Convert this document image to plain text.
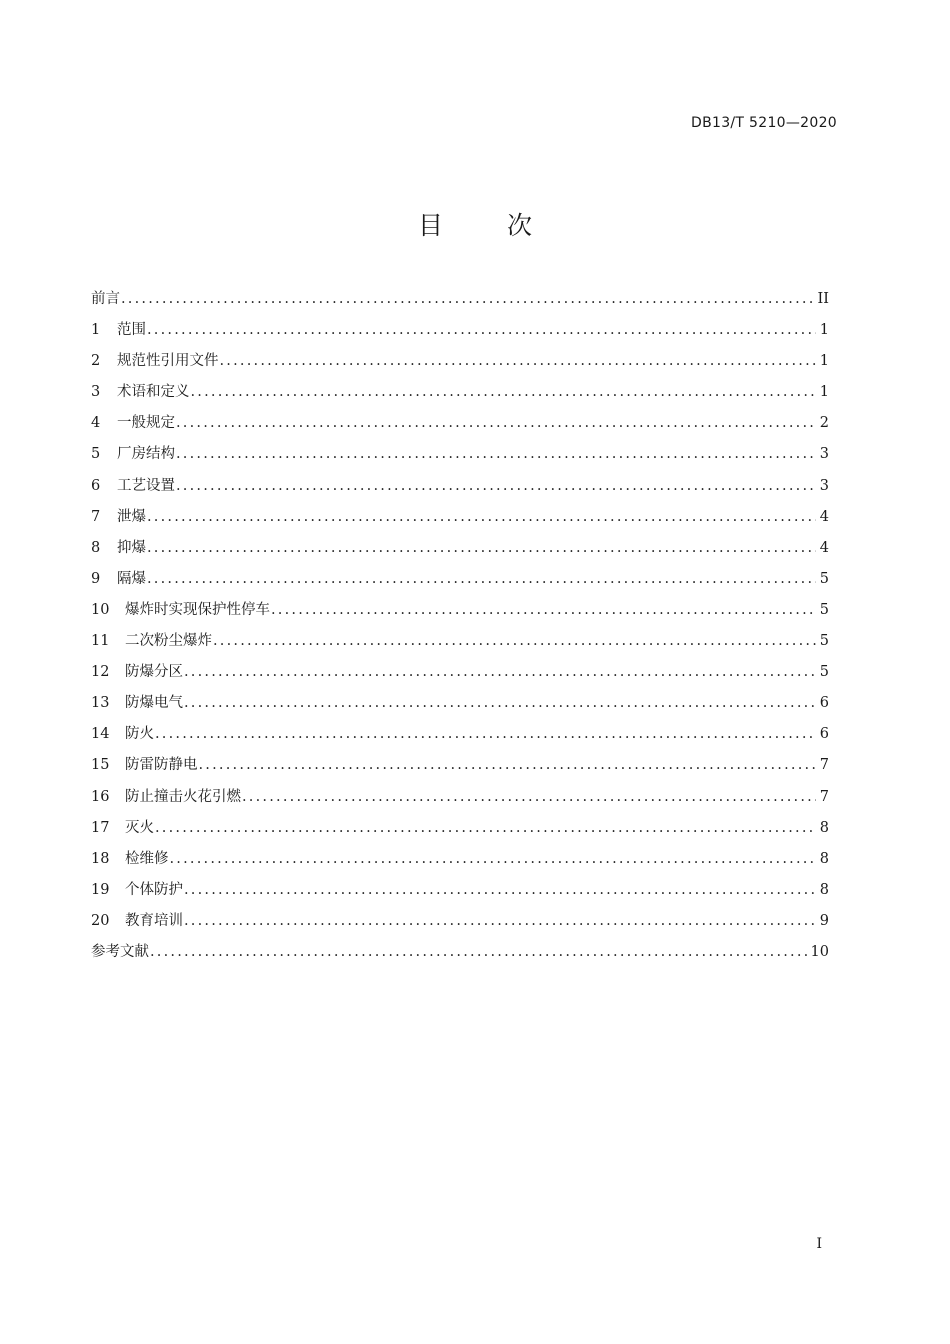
DB13/T 5210—2020
目 次
前言 .....	II
1	范围 .....	1
2	规范性引用文件 .....	1
3	术语和定义 .....	1
4	一般规定 .....	2
5	厂房结构 .....	3
6	工艺设置 .....	3
7	泄爆 .....	4
8	抑爆 .....	4
9	隔爆 .....	5
10	爆炸时实现保护性停车 .....	5
11	二次粉尘爆炸 .....	5
12	防爆分区 .....	5
13	防爆电气 .....	6
14	防火 .....	6
15	防雷防静电 .....	7
16	防止撞击火花引燃 .....	7
17	灭火 .....	8
18	检维修 .....	8
19	个体防护 .....	8
20	教育培训 .....	9
参考文献 .....	10
I
